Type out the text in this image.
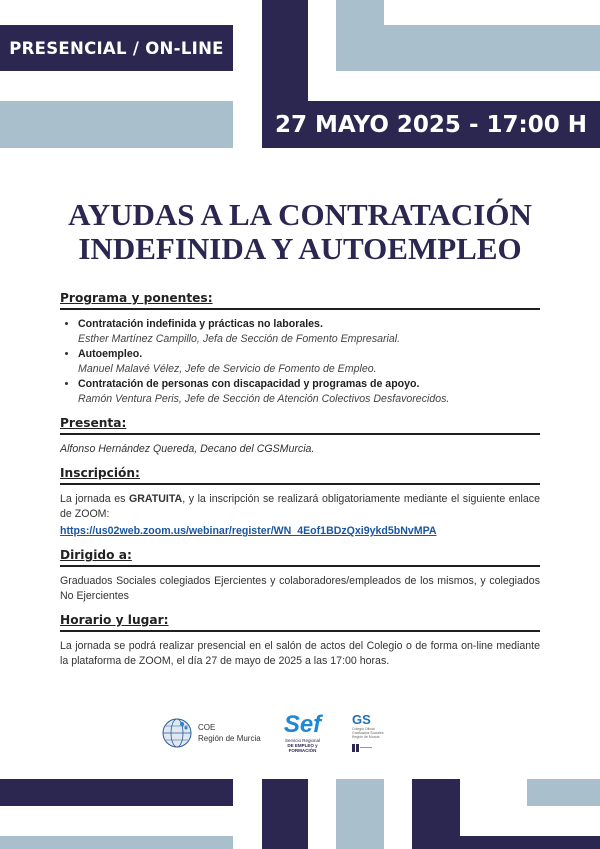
PRESENCIAL / ON-LINE
27 MAYO 2025 - 17:00 H
AYUDAS A LA CONTRATACIÓN
INDEFINIDA Y AUTOEMPLEO
Programa y ponentes:
• Contratación indefinida y prácticas no laborales.
Esther Martínez Campillo, Jefa de Sección de Fomento Empresarial.
• Autoempleo.
Manuel Malavé Vélez, Jefe de Servicio de Fomento de Empleo.
• Contratación de personas con discapacidad y programas de apoyo.
Ramón Ventura Peris, Jefe de Sección de Atención Colectivos Desfavorecidos.
Presenta:

Alfonso Hernández Quereda, Decano del CGSMurcia.

Inscripción:

La jornada es GRATUITA, y la inscripción se realizará obligatoriamente mediante el siguiente enlace de ZOOM:

https://us02web.zoom.us/webinar/register/WN_4Eof1BDzQxi9ykd5bNvMPA

Dirigido a:

Graduados Sociales colegiados Ejercientes y colaboradores/empleados de los mismos, y colegiados No Ejercientes

Horario y lugar:

La jornada se podrá realizar presencial en el salón de actos del Colegio o de forma on-line mediante la plataforma de ZOOM, el día 27 de mayo de 2025 a las 17:00 horas.

COE
Región de Murcia
Sef
Servicio Regional
DE EMPLEO y FORMACIÓN
GS
Colegio Oficial
Graduados Sociales
Región de Murcia
